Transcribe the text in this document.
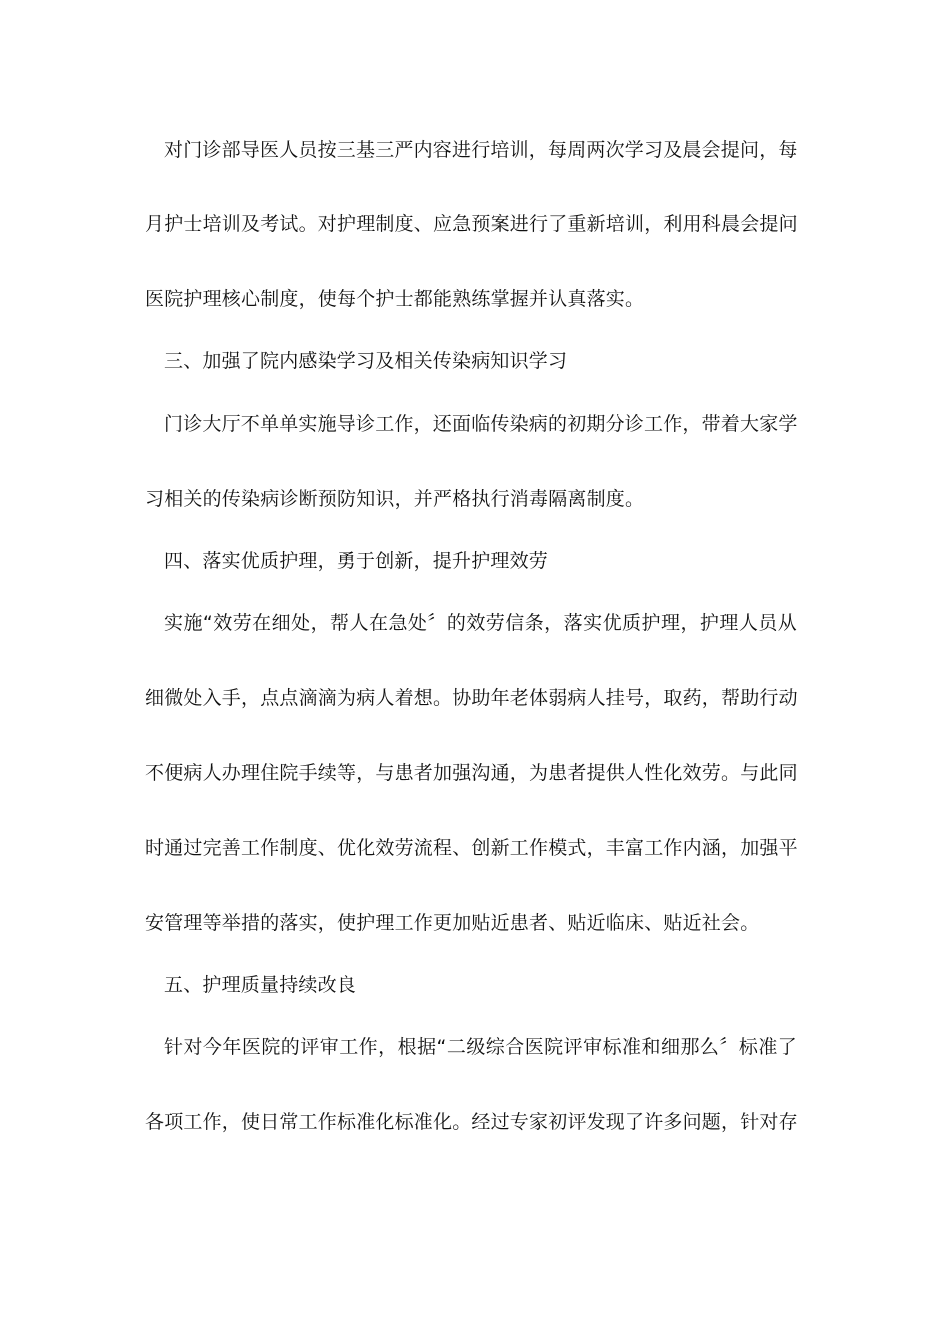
对门诊部导医人员按三基三严内容进行培训，每周两次学习及晨会提问，每
月护士培训及考试。对护理制度、应急预案进行了重新培训，利用科晨会提问
医院护理核心制度，使每个护士都能熟练掌握并认真落实。
三、加强了院内感染学习及相关传染病知识学习
门诊大厅不单单实施导诊工作，还面临传染病的初期分诊工作，带着大家学
习相关的传染病诊断预防知识，并严格执行消毒隔离制度。
四、落实优质护理，勇于创新，提升护理效劳
实施“效劳在细处，帮人在急处〞的效劳信条，落实优质护理，护理人员从
细微处入手，点点滴滴为病人着想。协助年老体弱病人挂号，取药，帮助行动
不便病人办理住院手续等，与患者加强沟通，为患者提供人性化效劳。与此同
时通过完善工作制度、优化效劳流程、创新工作模式，丰富工作内涵，加强平
安管理等举措的落实，使护理工作更加贴近患者、贴近临床、贴近社会。
五、护理质量持续改良
针对今年医院的评审工作，根据“二级综合医院评审标准和细那么〞标准了
各项工作，使日常工作标准化标准化。经过专家初评发现了许多问题，针对存
